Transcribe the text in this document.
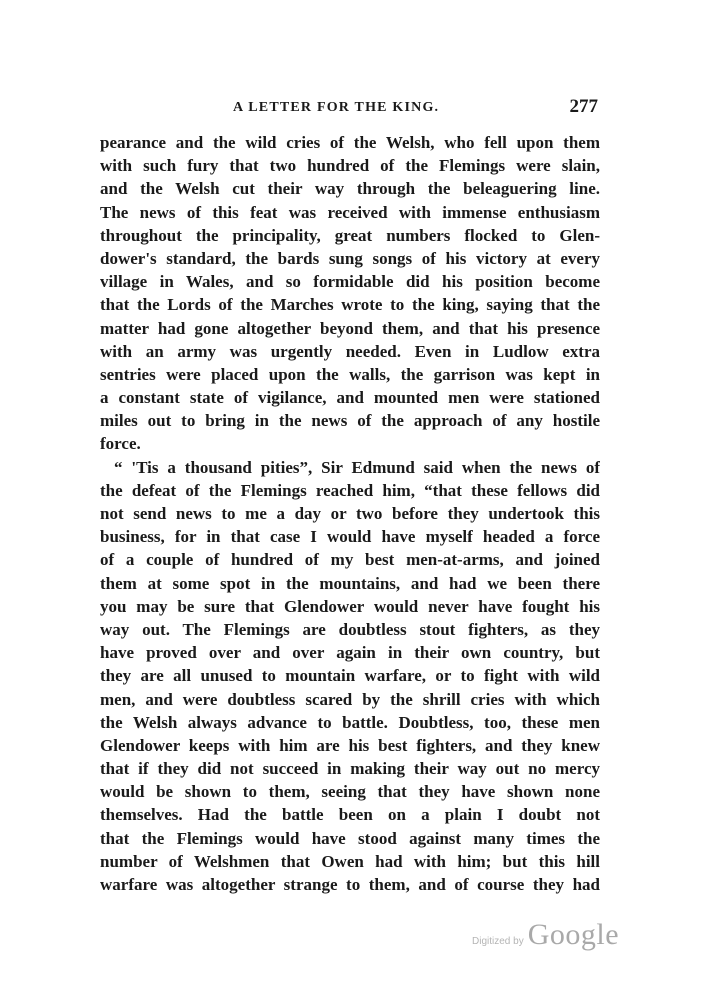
A LETTER FOR THE KING.	277
pearance and the wild cries of the Welsh, who fell upon them
with such fury that two hundred of the Flemings were slain,
and the Welsh cut their way through the beleaguering line.
The news of this feat was received with immense enthusiasm
throughout the principality, great numbers flocked to Glen-
dower's standard, the bards sung songs of his victory at every
village in Wales, and so formidable did his position become
that the Lords of the Marches wrote to the king, saying that the
matter had gone altogether beyond them, and that his presence
with an army was urgently needed. Even in Ludlow extra
sentries were placed upon the walls, the garrison was kept in
a constant state of vigilance, and mounted men were stationed
miles out to bring in the news of the approach of any hostile
force.
“ 'Tis a thousand pities”, Sir Edmund said when the news of
the defeat of the Flemings reached him, “that these fellows did
not send news to me a day or two before they undertook this
business, for in that case I would have myself headed a force
of a couple of hundred of my best men-at-arms, and joined
them at some spot in the mountains, and had we been there
you may be sure that Glendower would never have fought his
way out. The Flemings are doubtless stout fighters, as they
have proved over and over again in their own country, but
they are all unused to mountain warfare, or to fight with wild
men, and were doubtless scared by the shrill cries with which
the Welsh always advance to battle. Doubtless, too, these men
Glendower keeps with him are his best fighters, and they knew
that if they did not succeed in making their way out no mercy
would be shown to them, seeing that they have shown none
themselves. Had the battle been on a plain I doubt not
that the Flemings would have stood against many times the
number of Welshmen that Owen had with him; but this hill
warfare was altogether strange to them, and of course they had
Digitized by Google
